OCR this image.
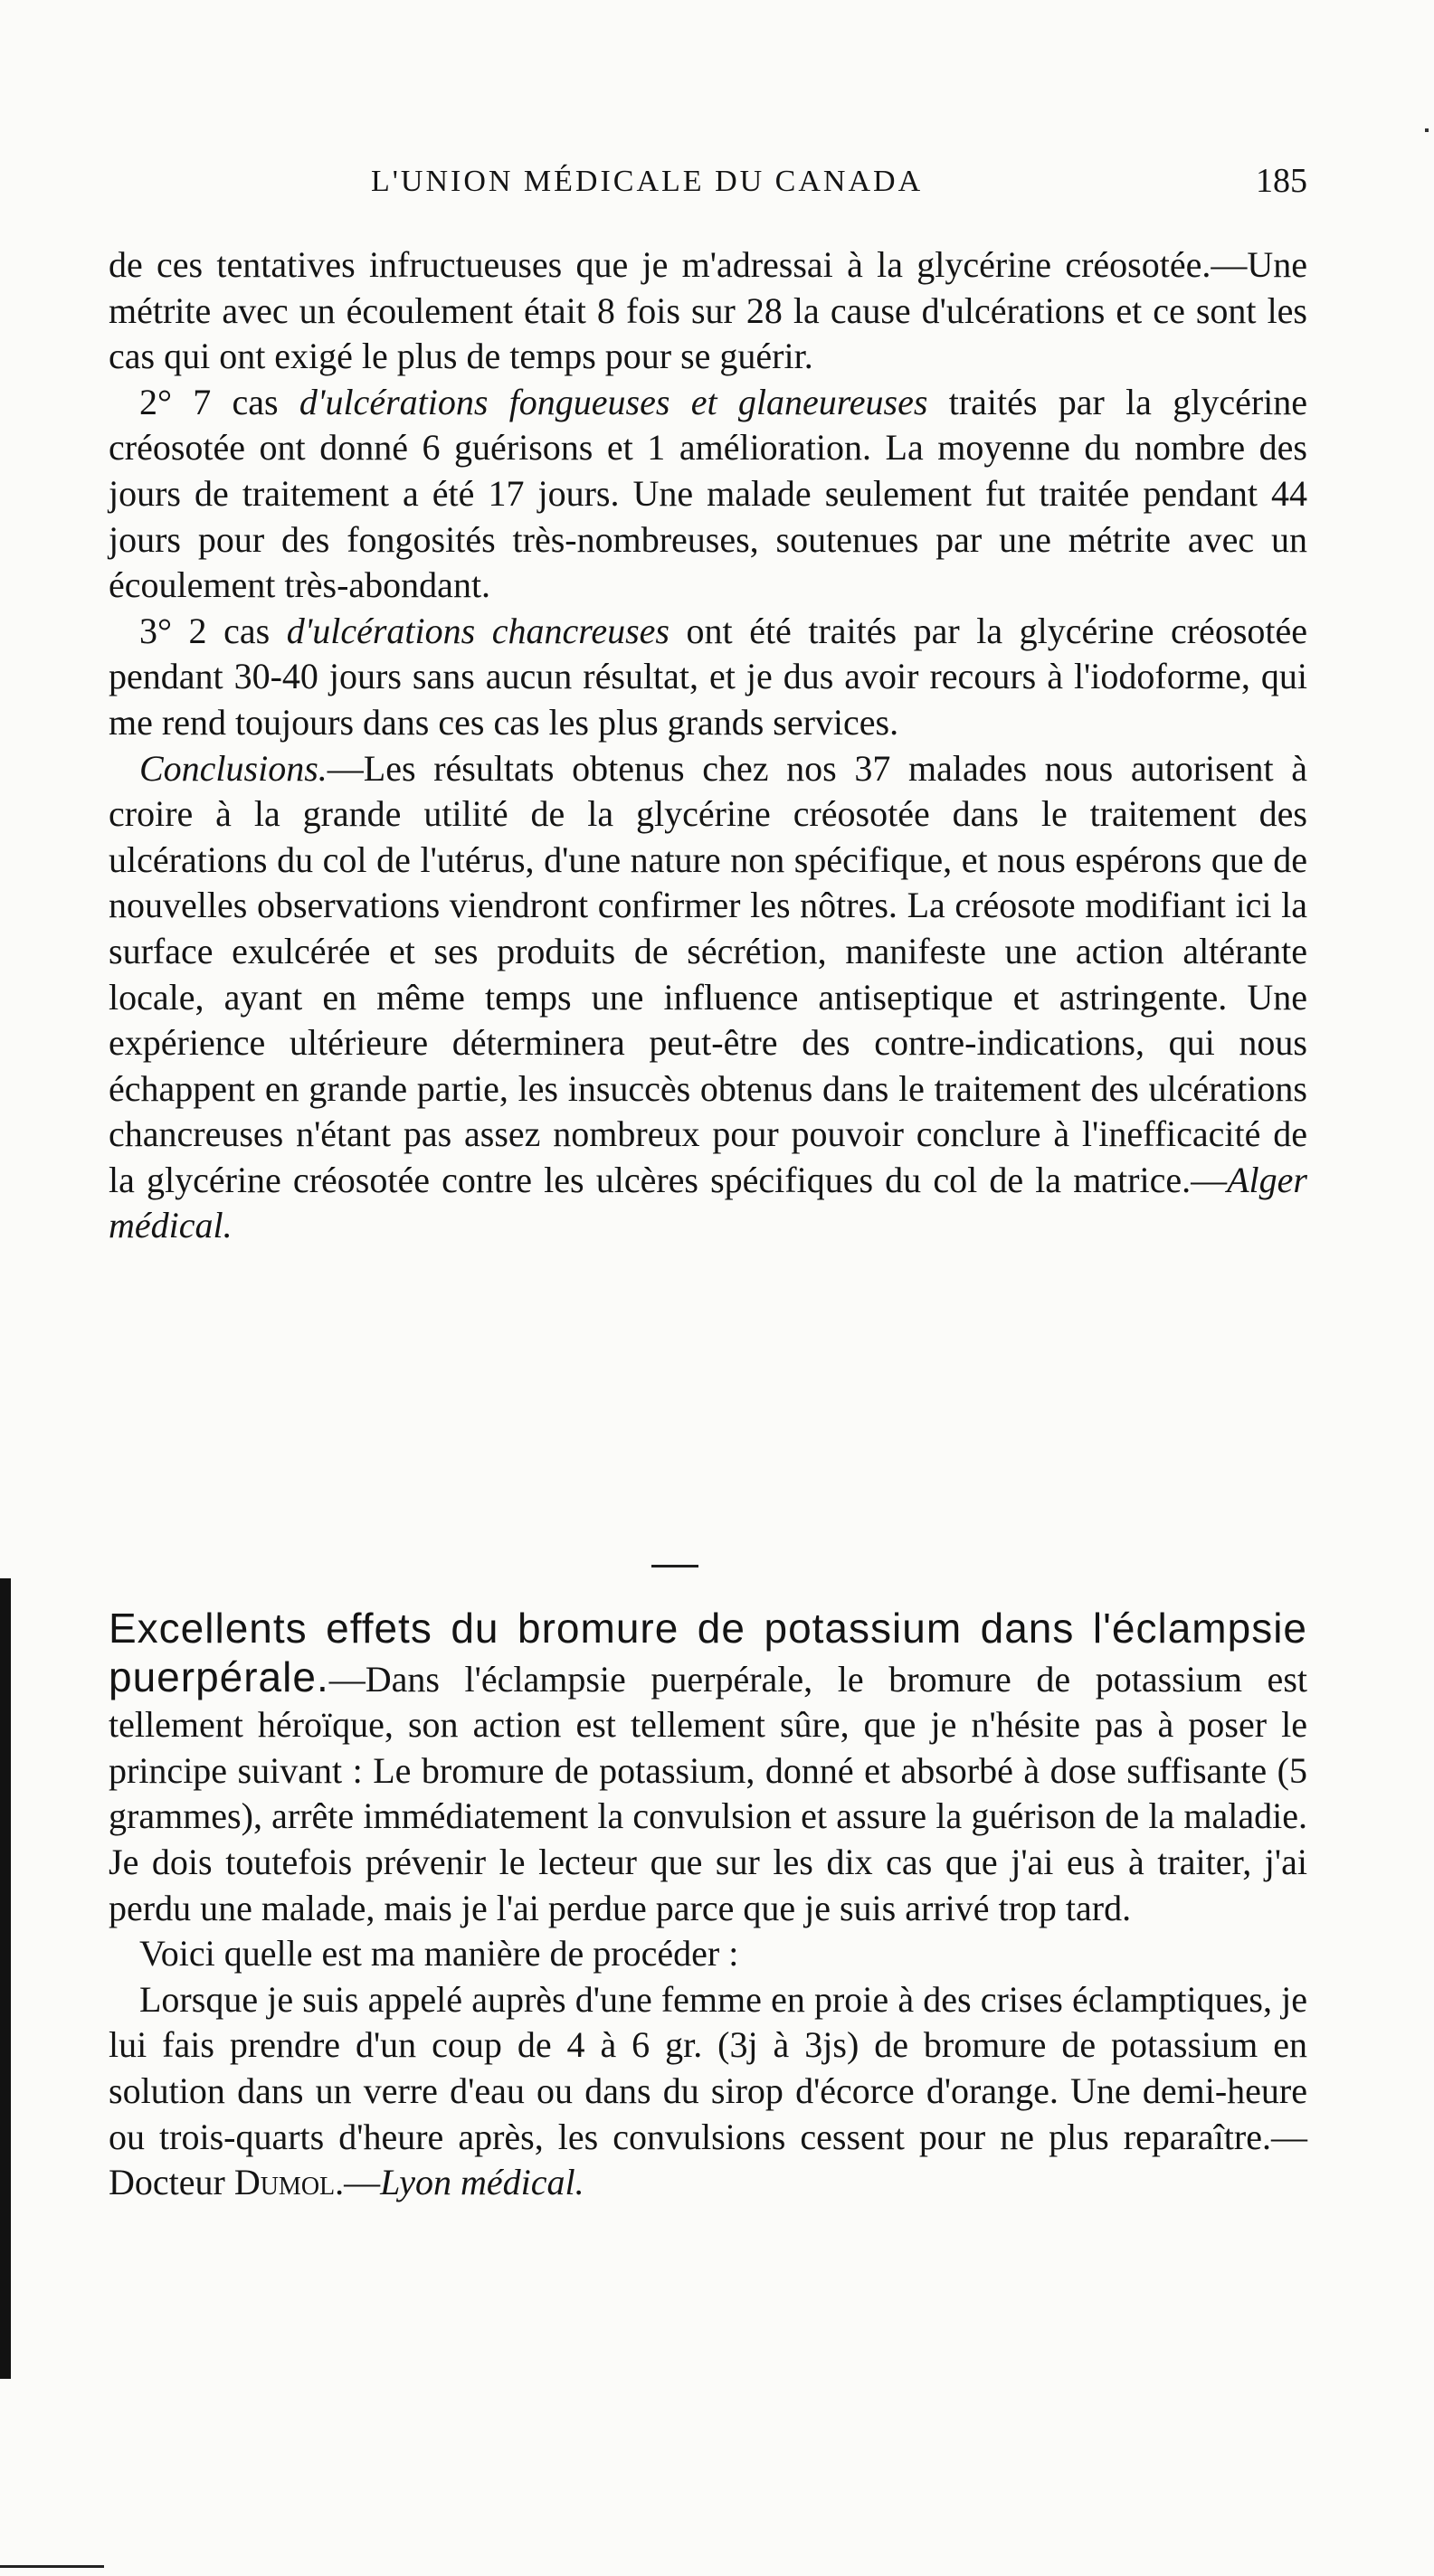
L'UNION MÉDICALE DU CANADA	185

de ces tentatives infructueuses que je m'adressai à la glycérine créosotée.—Une métrite avec un écoulement était 8 fois sur 28 la cause d'ulcérations et ce sont les cas qui ont exigé le plus de temps pour se guérir.

2° 7 cas d'ulcérations fongueuses et glaneureuses traités par la glycérine créosotée ont donné 6 guérisons et 1 amélioration. La moyenne du nombre des jours de traitement a été 17 jours. Une malade seulement fut traitée pendant 44 jours pour des fongosités très-nombreuses, soutenues par une métrite avec un écoulement très-abondant.

3° 2 cas d'ulcérations chancreuses ont été traités par la glycérine créosotée pendant 30-40 jours sans aucun résultat, et je dus avoir recours à l'iodoforme, qui me rend toujours dans ces cas les plus grands services.

Conclusions.—Les résultats obtenus chez nos 37 malades nous autorisent à croire à la grande utilité de la glycérine créosotée dans le traitement des ulcérations du col de l'utérus, d'une nature non spécifique, et nous espérons que de nouvelles observations viendront confirmer les nôtres. La créosote modifiant ici la surface exulcérée et ses produits de sécrétion, manifeste une action altérante locale, ayant en même temps une influence antiseptique et astringente. Une expérience ultérieure déterminera peut-être des contre-indications, qui nous échappent en grande partie, les insuccès obtenus dans le traitement des ulcérations chancreuses n'étant pas assez nombreux pour pouvoir conclure à l'inefficacité de la glycérine créosotée contre les ulcères spécifiques du col de la matrice.—Alger médical.

Excellents effets du bromure de potassium dans l'éclampsie puerpérale.—Dans l'éclampsie puerpérale, le bromure de potassium est tellement héroïque, son action est tellement sûre, que je n'hésite pas à poser le principe suivant : Le bromure de potassium, donné et absorbé à dose suffisante (5 grammes), arrête immédiatement la convulsion et assure la guérison de la maladie. Je dois toutefois prévenir le lecteur que sur les dix cas que j'ai eus à traiter, j'ai perdu une malade, mais je l'ai perdue parce que je suis arrivé trop tard.

Voici quelle est ma manière de procéder :

Lorsque je suis appelé auprès d'une femme en proie à des crises éclamptiques, je lui fais prendre d'un coup de 4 à 6 gr. (3j à 3js) de bromure de potassium en solution dans un verre d'eau ou dans du sirop d'écorce d'orange. Une demi-heure ou trois-quarts d'heure après, les convulsions cessent pour ne plus reparaître.—Docteur Dumol.—Lyon médical.
